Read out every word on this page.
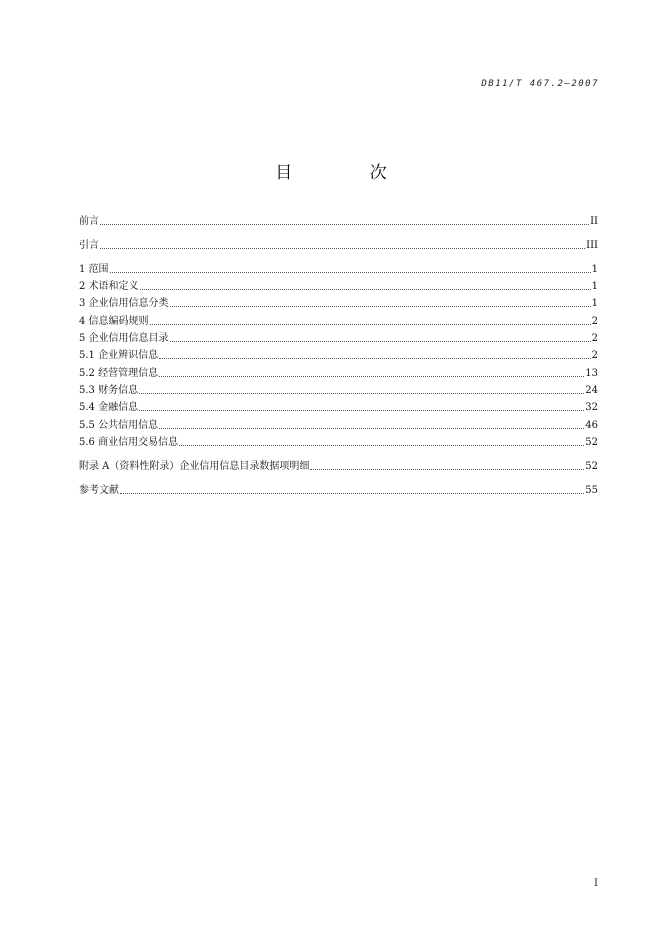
DB11/T 467.2—2007
目 次
前言	II
引言	III
1 范围	1
2 术语和定义	1
3 企业信用信息分类	1
4 信息编码规则	2
5 企业信用信息目录	2
5.1 企业辨识信息	2
5.2 经营管理信息	13
5.3 财务信息	24
5.4 金融信息	32
5.5 公共信用信息	46
5.6 商业信用交易信息	52
附录 A（资料性附录）企业信用信息目录数据项明细	52
参考文献	55
I
